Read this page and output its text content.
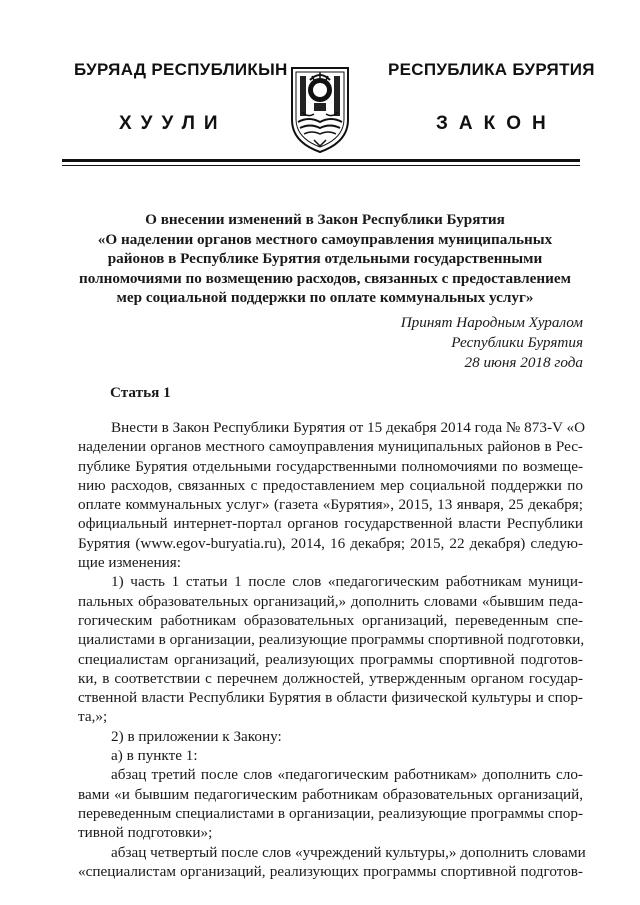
БУРЯАД РЕСПУБЛИКЫН	РЕСПУБЛИКА БУРЯТИЯ
ХУУЛИ	ЗАКОН
О внесении изменений в Закон Республики Бурятия
«О наделении органов местного самоуправления муниципальных
районов в Республике Бурятия отдельными государственными
полномочиями по возмещению расходов, связанных с предоставлением
мер социальной поддержки по оплате коммунальных услуг»
Принят Народным Хуралом
Республики Бурятия
28 июня 2018 года
Статья 1
Внести в Закон Республики Бурятия от 15 декабря 2014 года № 873-V «О
наделении органов местного самоуправления муниципальных районов в Рес-
публике Бурятия отдельными государственными полномочиями по возмеще-
нию расходов, связанных с предоставлением мер социальной поддержки по
оплате коммунальных услуг» (газета «Бурятия», 2015, 13 января, 25 декабря;
официальный интернет-портал органов государственной власти Республики
Бурятия (www.egov-buryatia.ru), 2014, 16 декабря; 2015, 22 декабря) следую-
щие изменения:
1) часть 1 статьи 1 после слов «педагогическим работникам муници-
пальных образовательных организаций,» дополнить словами «бывшим педа-
гогическим работникам образовательных организаций, переведенным спе-
циалистами в организации, реализующие программы спортивной подготовки,
специалистам организаций, реализующих программы спортивной подготов-
ки, в соответствии с перечнем должностей, утвержденным органом государ-
ственной власти Республики Бурятия в области физической культуры и спор-
та,»;
2) в приложении к Закону:
а) в пункте 1:
абзац третий после слов «педагогическим работникам» дополнить сло-
вами «и бывшим педагогическим работникам образовательных организаций,
переведенным специалистами в организации, реализующие программы спор-
тивной подготовки»;
абзац четвертый после слов «учреждений культуры,» дополнить словами
«специалистам организаций, реализующих программы спортивной подготов-
